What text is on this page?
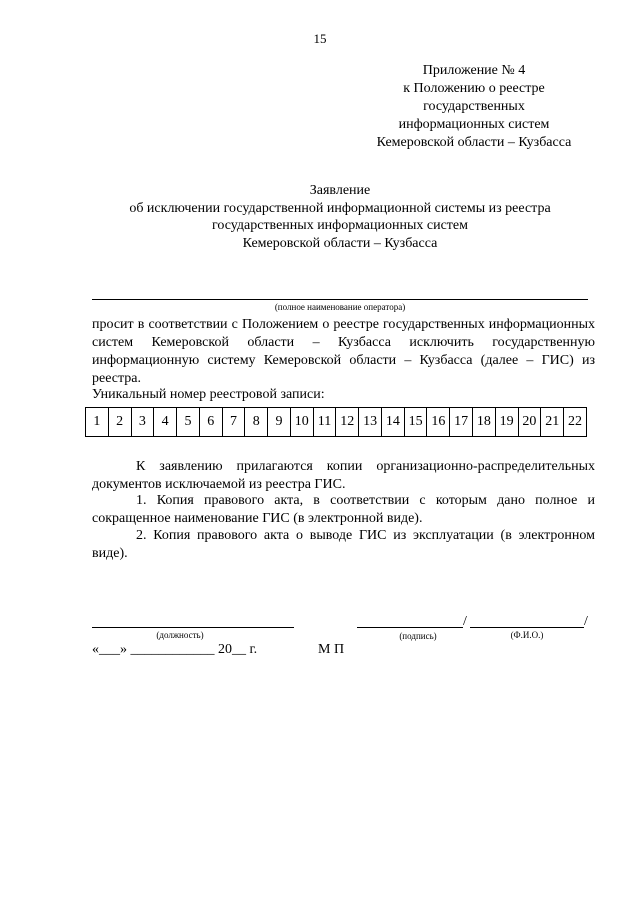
15
Приложение № 4
к Положению о реестре
государственных
информационных систем
Кемеровской области – Кузбасса
Заявление
об исключении государственной информационной системы из реестра
государственных информационных систем
Кемеровской области – Кузбасса
(полное наименование оператора)
просит в соответствии с Положением о реестре государственных информационных систем Кемеровской области – Кузбасса исключить государственную информационную систему Кемеровской области – Кузбасса (далее – ГИС) из реестра.
Уникальный номер реестровой записи:
1	2	3	4	5	6	7	8	9 10 11 12 13 14 15 16 17 18 19 20 21 22
К заявлению прилагаются копии организационно-распределительных документов исключаемой из реестра ГИС.
1. Копия правового акта, в соответствии с которым дано полное и сокращенное наименование ГИС (в электронной виде).
2. Копия правового акта о выводе ГИС из эксплуатации (в электронном виде).
/	/
(должность)	(подпись)	(Ф.И.О.)
«___» ____________ 20__ г.	М П
